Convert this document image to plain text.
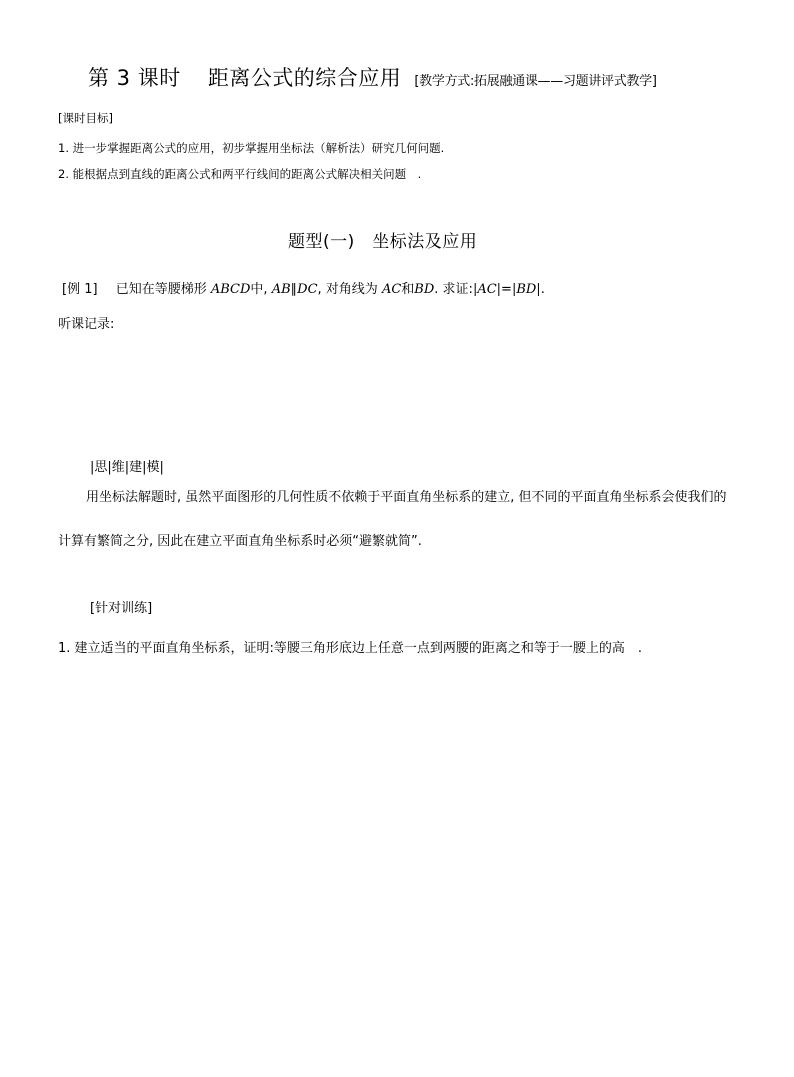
第 3 课时 距离公式的综合应用 [教学方式:拓展融通课——习题讲评式教学]
[课时目标]
1. 进一步掌握距离公式的应用，初步掌握用坐标法（解析法）研究几何问题.
2. 能根据点到直线的距离公式和两平行线间的距离公式解决相关问题　.
题型(一)　坐标法及应用
[例 1] 已知在等腰梯形 ABCD中, AB∥DC, 对角线为 AC和BD. 求证:|AC|=|BD|.
听课记录:
|思|维|建|模|
用坐标法解题时, 虽然平面图形的几何性质不依赖于平面直角坐标系的建立, 但不同的平面直角坐标系会使我们的计算有繁简之分, 因此在建立平面直角坐标系时必须“避繁就简”.
[针对训练]
1. 建立适当的平面直角坐标系，证明:等腰三角形底边上任意一点到两腰的距离之和等于一腰上的高　.
